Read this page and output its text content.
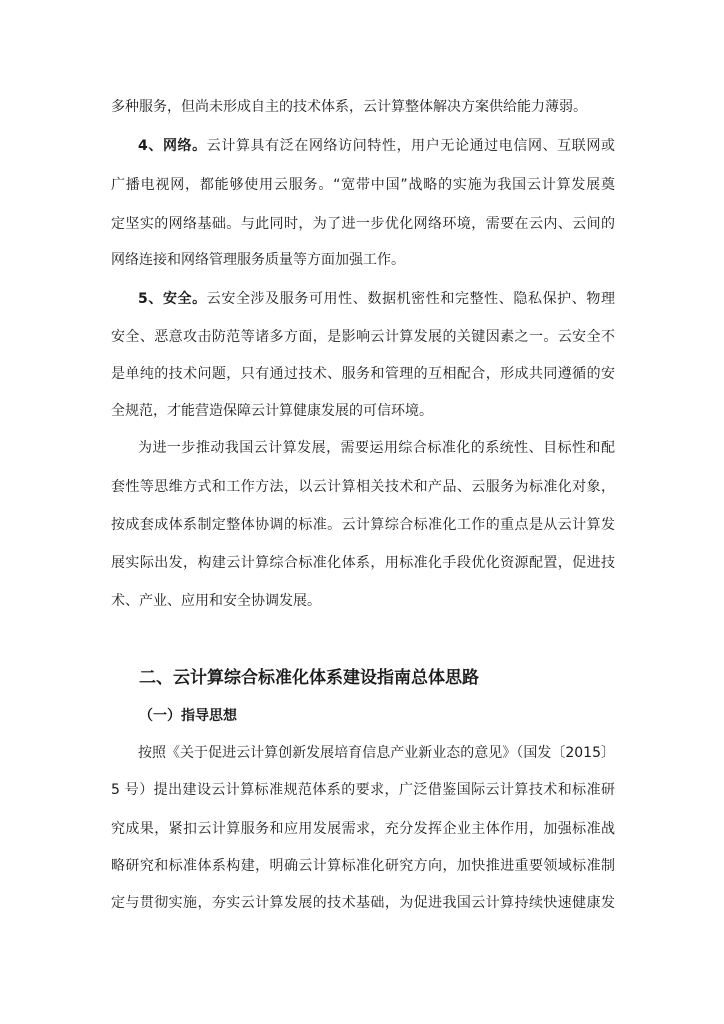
多种服务，但尚未形成自主的技术体系，云计算整体解决方案供给能力薄弱。
4、网络。云计算具有泛在网络访问特性，用户无论通过电信网、互联网或
广播电视网，都能够使用云服务。“宽带中国”战略的实施为我国云计算发展奠
定坚实的网络基础。与此同时，为了进一步优化网络环境，需要在云内、云间的
网络连接和网络管理服务质量等方面加强工作。
5、安全。云安全涉及服务可用性、数据机密性和完整性、隐私保护、物理
安全、恶意攻击防范等诸多方面，是影响云计算发展的关键因素之一。云安全不
是单纯的技术问题，只有通过技术、服务和管理的互相配合，形成共同遵循的安
全规范，才能营造保障云计算健康发展的可信环境。
为进一步推动我国云计算发展，需要运用综合标准化的系统性、目标性和配
套性等思维方式和工作方法，以云计算相关技术和产品、云服务为标准化对象，
按成套成体系制定整体协调的标准。云计算综合标准化工作的重点是从云计算发
展实际出发，构建云计算综合标准化体系，用标准化手段优化资源配置，促进技
术、产业、应用和安全协调发展。
二、云计算综合标准化体系建设指南总体思路
（一）指导思想
按照《关于促进云计算创新发展培育信息产业新业态的意见》（国发〔2015〕
5 号）提出建设云计算标准规范体系的要求，广泛借鉴国际云计算技术和标准研
究成果，紧扣云计算服务和应用发展需求，充分发挥企业主体作用，加强标准战
略研究和标准体系构建，明确云计算标准化研究方向，加快推进重要领域标准制
定与贯彻实施，夯实云计算发展的技术基础，为促进我国云计算持续快速健康发
